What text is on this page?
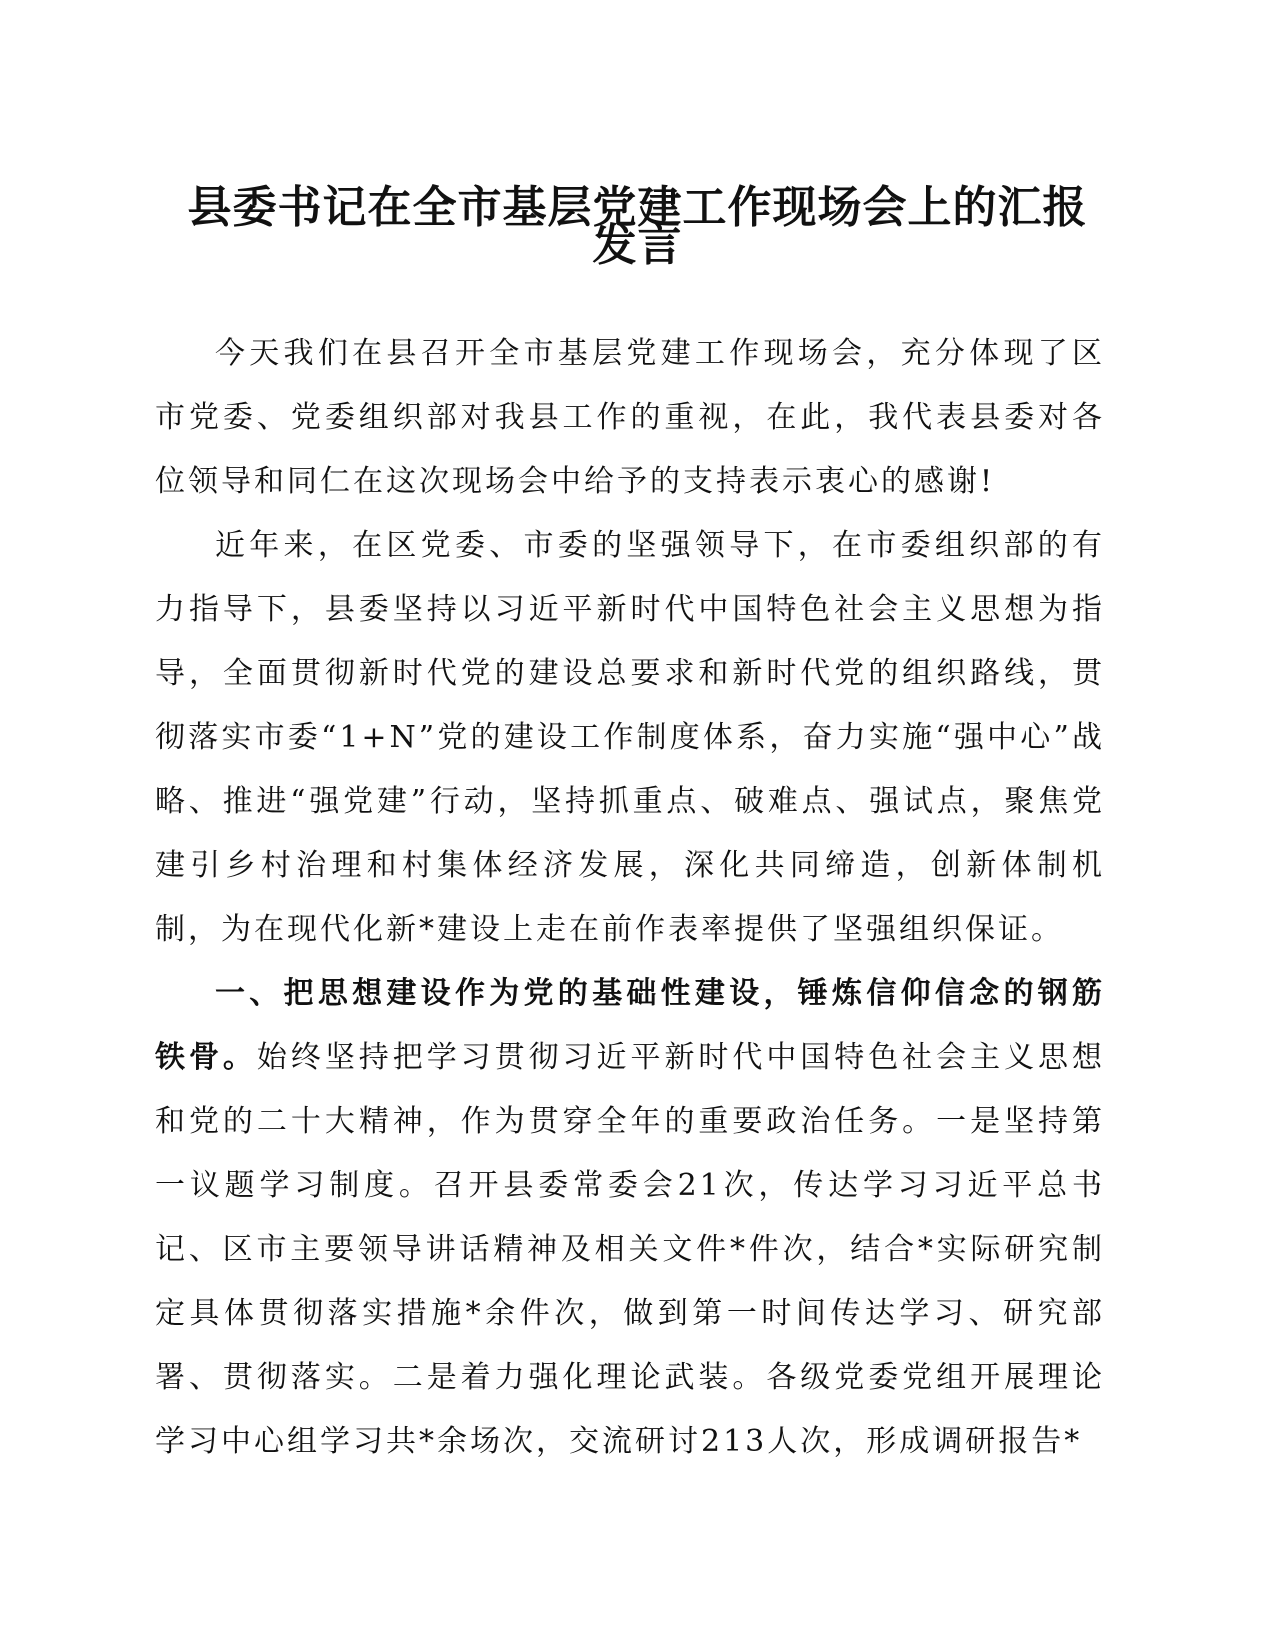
县委书记在全市基层党建工作现场会上的汇报
发言

今天我们在县召开全市基层党建工作现场会，充分体现了区市党委、党委组织部对我县工作的重视，在此，我代表县委对各位领导和同仁在这次现场会中给予的支持表示衷心的感谢!

近年来，在区党委、市委的坚强领导下，在市委组织部的有力指导下，县委坚持以习近平新时代中国特色社会主义思想为指导，全面贯彻新时代党的建设总要求和新时代党的组织路线，贯彻落实市委“1+N”党的建设工作制度体系，奋力实施“强中心”战略、推进“强党建”行动，坚持抓重点、破难点、强试点，聚焦党建引乡村治理和村集体经济发展，深化共同缔造，创新体制机制，为在现代化新*建设上走在前作表率提供了坚强组织保证。

一、把思想建设作为党的基础性建设，锤炼信仰信念的钢筋铁骨。始终坚持把学习贯彻习近平新时代中国特色社会主义思想和党的二十大精神，作为贯穿全年的重要政治任务。一是坚持第一议题学习制度。召开县委常委会21次，传达学习习近平总书记、区市主要领导讲话精神及相关文件*件次，结合*实际研究制定具体贯彻落实措施*余件次，做到第一时间传达学习、研究部署、贯彻落实。二是着力强化理论武装。各级党委党组开展理论学习中心组学习共*余场次，交流研讨213人次，形成调研报告*
